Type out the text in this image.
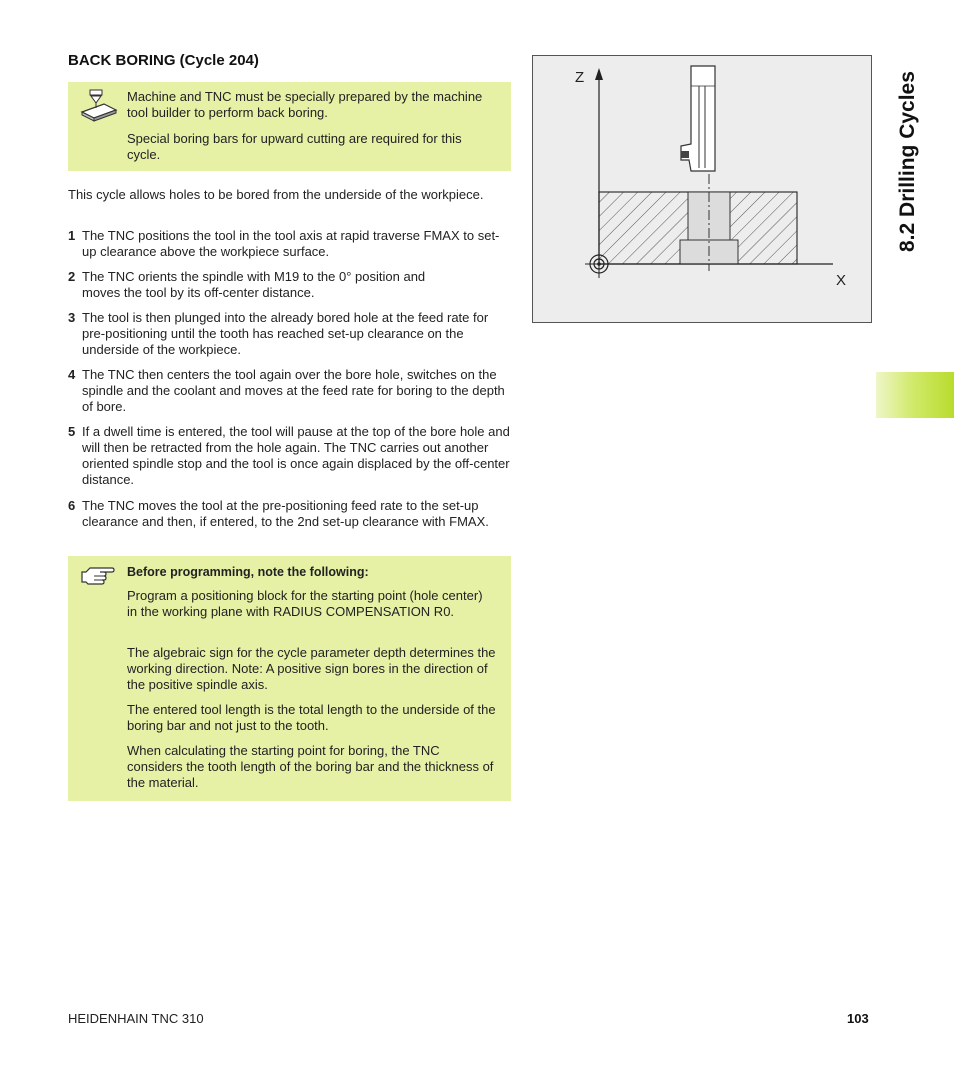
BACK BORING (Cycle 204)
Machine and TNC must be specially prepared by the machine tool builder to perform back boring.
Special boring bars for upward cutting are required for this cycle.
This cycle allows holes to be bored from the underside of the workpiece.
1 The TNC positions the tool in the tool axis at rapid traverse FMAX to set-up clearance above the workpiece surface.
2 The TNC orients the spindle with M19 to the 0° position and moves the tool by its off-center distance.
3 The tool is then plunged into the already bored hole at the feed rate for pre-positioning until the tooth has reached set-up clearance on the underside of the workpiece.
4 The TNC then centers the tool again over the bore hole, switches on the spindle and the coolant and moves at the feed rate for boring to the depth of bore.
5 If a dwell time is entered, the tool will pause at the top of the bore hole and will then be retracted from the hole again. The TNC carries out another oriented spindle stop and the tool is once again displaced by the off-center distance.
6 The TNC moves the tool at the pre-positioning feed rate to the set-up clearance and then, if entered, to the 2nd set-up clearance with FMAX.
Before programming, note the following:
Program a positioning block for the starting point (hole center) in the working plane with RADIUS COMPENSATION R0.
The algebraic sign for the cycle parameter depth determines the working direction. Note: A positive sign bores in the direction of the positive spindle axis.
The entered tool length is the total length to the underside of the boring bar and not just to the tooth.
When calculating the starting point for boring, the TNC considers the tooth length of the boring bar and the thickness of the material.
Z
X
8.2 Drilling Cycles
HEIDENHAIN TNC 310	103
